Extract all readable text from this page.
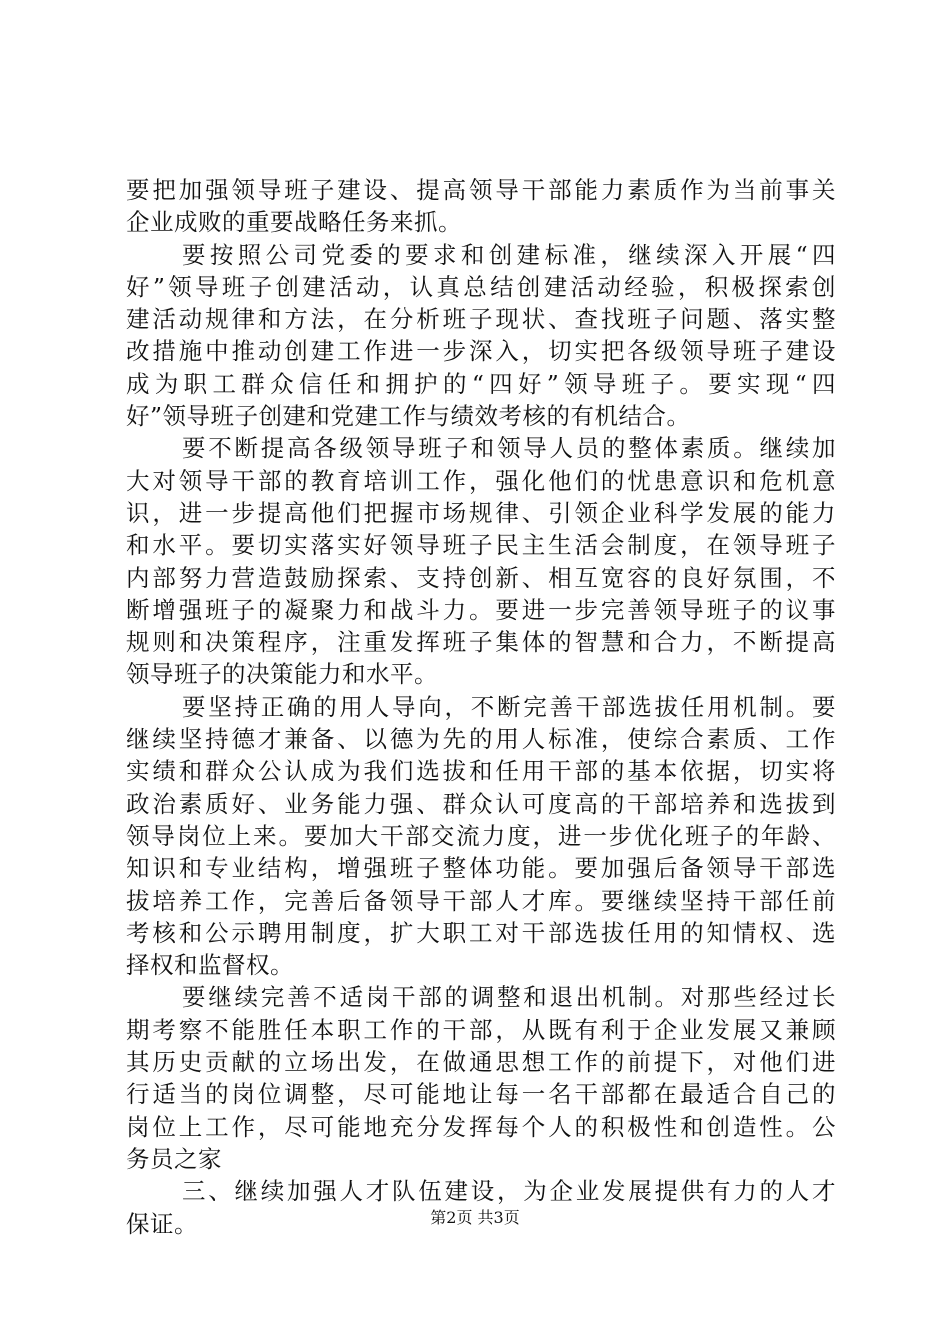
要把加强领导班子建设、提高领导干部能力素质作为当前事关
企业成败的重要战略任务来抓。
要按照公司党委的要求和创建标准，继续深入开展“四
好”领导班子创建活动，认真总结创建活动经验，积极探索创
建活动规律和方法，在分析班子现状、查找班子问题、落实整
改措施中推动创建工作进一步深入，切实把各级领导班子建设
成为职工群众信任和拥护的“四好”领导班子。要实现“四
好”领导班子创建和党建工作与绩效考核的有机结合。
要不断提高各级领导班子和领导人员的整体素质。继续加
大对领导干部的教育培训工作，强化他们的忧患意识和危机意
识，进一步提高他们把握市场规律、引领企业科学发展的能力
和水平。要切实落实好领导班子民主生活会制度，在领导班子
内部努力营造鼓励探索、支持创新、相互宽容的良好氛围，不
断增强班子的凝聚力和战斗力。要进一步完善领导班子的议事
规则和决策程序，注重发挥班子集体的智慧和合力，不断提高
领导班子的决策能力和水平。
要坚持正确的用人导向，不断完善干部选拔任用机制。要
继续坚持德才兼备、以德为先的用人标准，使综合素质、工作
实绩和群众公认成为我们选拔和任用干部的基本依据，切实将
政治素质好、业务能力强、群众认可度高的干部培养和选拔到
领导岗位上来。要加大干部交流力度，进一步优化班子的年龄、
知识和专业结构，增强班子整体功能。要加强后备领导干部选
拔培养工作，完善后备领导干部人才库。要继续坚持干部任前
考核和公示聘用制度，扩大职工对干部选拔任用的知情权、选
择权和监督权。
要继续完善不适岗干部的调整和退出机制。对那些经过长
期考察不能胜任本职工作的干部，从既有利于企业发展又兼顾
其历史贡献的立场出发，在做通思想工作的前提下，对他们进
行适当的岗位调整，尽可能地让每一名干部都在最适合自己的
岗位上工作，尽可能地充分发挥每个人的积极性和创造性。公
务员之家
三、继续加强人才队伍建设，为企业发展提供有力的人才
保证。	第2页 共3页
